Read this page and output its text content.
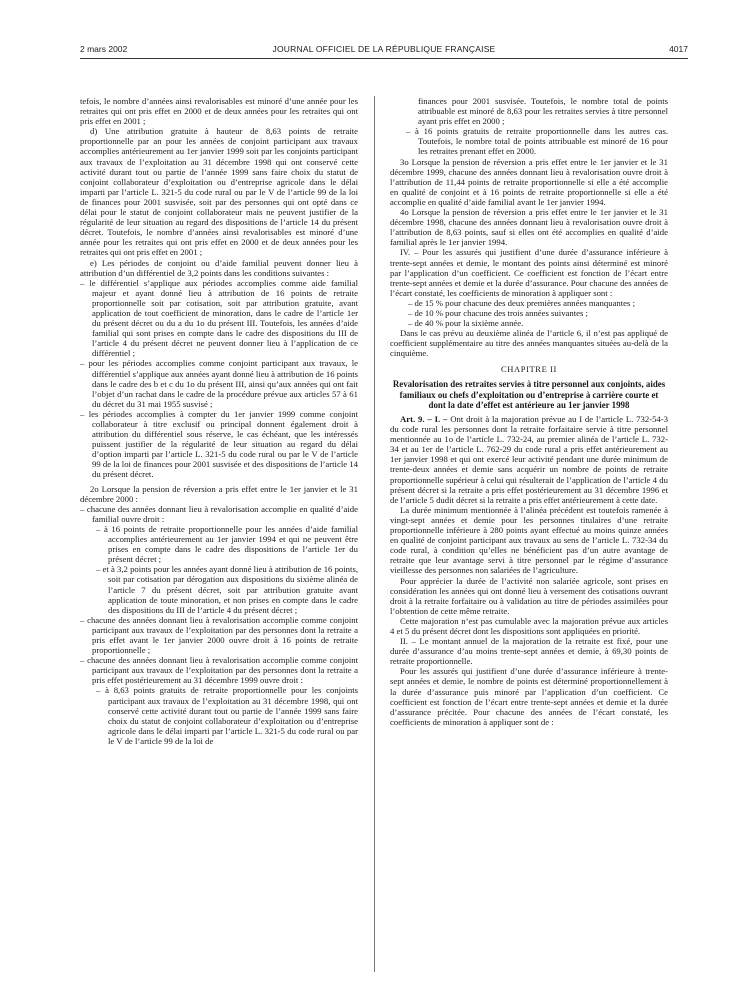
2 mars 2002	JOURNAL OFFICIEL DE LA RÉPUBLIQUE FRANÇAISE	4017

tefois, le nombre d’années ainsi revalorisables est minoré d’une année pour les retraites qui ont pris effet en 2000 et de deux années pour les retraites qui ont pris effet en 2001 ;

d) Une attribution gratuite à hauteur de 8,63 points de retraite proportionnelle par an pour les années de conjoint participant aux travaux accomplies antérieurement au 1er janvier 1999 soit par les conjoints participant aux travaux de l’exploitation au 31 décembre 1998 qui ont conservé cette activité durant tout ou partie de l’année 1999 sans faire choix du statut de conjoint collaborateur d’exploitation ou d’entreprise agricole dans le délai imparti par l’article L. 321-5 du code rural ou par le V de l’article 99 de la loi de finances pour 2001 susvisée, soit par des personnes qui ont opté dans ce délai pour le statut de conjoint collaborateur mais ne peuvent justifier de la régularité de leur situation au regard des dispositions de l’article 14 du présent décret. Toutefois, le nombre d’années ainsi revalorisables est minoré d’une année pour les retraites qui ont pris effet en 2000 et de deux années pour les retraites qui ont pris effet en 2001 ;

e) Les périodes de conjoint ou d’aide familial peuvent donner lieu à attribution d’un différentiel de 3,2 points dans les conditions suivantes :

– le différentiel s’applique aux périodes accomplies comme aide familial majeur et ayant donné lieu à attribution de 16 points de retraite proportionnelle soit par cotisation, soit par attribution gratuite, avant application de tout coefficient de minoration, dans le cadre de l’article 1er du présent décret ou du a du 1o du présent III. Toutefois, les années d’aide familial qui sont prises en compte dans le cadre des dispositions du III de l’article 4 du présent décret ne peuvent donner lieu à l’application de ce différentiel ;

– pour les périodes accomplies comme conjoint participant aux travaux, le différentiel s’applique aux années ayant donné lieu à attribution de 16 points dans le cadre des b et c du 1o du présent III, ainsi qu’aux années qui ont fait l’objet d’un rachat dans le cadre de la procédure prévue aux articles 57 à 61 du décret du 31 mai 1955 susvisé ;

– les périodes accomplies à compter du 1er janvier 1999 comme conjoint collaborateur à titre exclusif ou principal donnent également droit à attribution du différentiel sous réserve, le cas échéant, que les intéressés puissent justifier de la régularité de leur situation au regard du délai d’option imparti par l’article L. 321-5 du code rural ou par le V de l’article 99 de la loi de finances pour 2001 susvisée et des dispositions de l’article 14 du présent décret.

2o Lorsque la pension de réversion a pris effet entre le 1er janvier et le 31 décembre 2000 :

– chacune des années donnant lieu à revalorisation accomplie en qualité d’aide familial ouvre droit :

– à 16 points de retraite proportionnelle pour les années d’aide familial accomplies antérieurement au 1er janvier 1994 et qui ne peuvent être prises en compte dans le cadre des dispositions de l’article 1er du présent décret ;

– et à 3,2 points pour les années ayant donné lieu à attribution de 16 points, soit par cotisation par dérogation aux dispositions du sixième alinéa de l’article 7 du présent décret, soit par attribution gratuite avant application de toute minoration, et non prises en compte dans le cadre des dispositions du III de l’article 4 du présent décret ;

– chacune des années donnant lieu à revalorisation accomplie comme conjoint participant aux travaux de l’exploitation par des personnes dont la retraite a pris effet avant le 1er janvier 2000 ouvre droit à 16 points de retraite proportionnelle ;

– chacune des années donnant lieu à revalorisation accomplie comme conjoint participant aux travaux de l’exploitation par des personnes dont la retraite a pris effet postérieurement au 31 décembre 1999 ouvre droit :

– à 8,63 points gratuits de retraite proportionnelle pour les conjoints participant aux travaux de l’exploitation au 31 décembre 1998, qui ont conservé cette activité durant tout ou partie de l’année 1999 sans faire choix du statut de conjoint collaborateur d’exploitation ou d’entreprise agricole dans le délai imparti par l’article L. 321-5 du code rural ou par le V de l’article 99 de la loi de

finances pour 2001 susvisée. Toutefois, le nombre total de points attribuable est minoré de 8,63 pour les retraites servies à titre personnel ayant pris effet en 2000 ;

– à 16 points gratuits de retraite proportionnelle dans les autres cas. Toutefois, le nombre total de points attribuable est minoré de 16 pour les retraites prenant effet en 2000.

3o Lorsque la pension de réversion a pris effet entre le 1er janvier et le 31 décembre 1999, chacune des années donnant lieu à revalorisation ouvre droit à l’attribution de 11,44 points de retraite proportionnelle si elle a été accomplie en qualité de conjoint et à 16 points de retraite proportionnelle si elle a été accomplie en qualité d’aide familial avant le 1er janvier 1994.

4o Lorsque la pension de réversion a pris effet entre le 1er janvier et le 31 décembre 1998, chacune des années donnant lieu à revalorisation ouvre droit à l’attribution de 8,63 points, sauf si elles ont été accomplies en qualité d’aide familial après le 1er janvier 1994.

IV. – Pour les assurés qui justifient d’une durée d’assurance inférieure à trente-sept années et demie, le montant des points ainsi déterminé est minoré par l’application d’un coefficient. Ce coefficient est fonction de l’écart entre trente-sept années et demie et la durée d’assurance. Pour chacune des années de l’écart constaté, les coefficients de minoration à appliquer sont :

– de 15 % pour chacune des deux premières années manquantes ;

– de 10 % pour chacune des trois années suivantes ;

– de 40 % pour la sixième année.

Dans le cas prévu au deuxième alinéa de l’article 6, il n’est pas appliqué de coefficient supplémentaire au titre des années manquantes situées au-delà de la cinquième.

CHAPITRE II
Revalorisation des retraites servies à titre personnel aux conjoints, aides familiaux ou chefs d’exploitation ou d’entreprise à carrière courte et dont la date d’effet est antérieure au 1er janvier 1998

Art. 9. – I. – Ont droit à la majoration prévue au I de l’article L. 732-54-3 du code rural les personnes dont la retraite forfaitaire servie à titre personnel mentionnée au 1o de l’article L. 732-24, au premier alinéa de l’article L. 732-34 et au 1er de l’article L. 762-29 du code rural a pris effet antérieurement au 1er janvier 1998 et qui ont exercé leur activité pendant une durée minimum de trente-deux années et demie sans acquérir un nombre de points de retraite proportionnelle supérieur à celui qui résulterait de l’application de l’article 4 du présent décret si la retraite a pris effet postérieurement au 31 décembre 1996 et de l’article 5 dudit décret si la retraite a pris effet antérieurement à cette date.

La durée minimum mentionnée à l’alinéa précédent est toutefois ramenée à vingt-sept années et demie pour les personnes titulaires d’une retraite proportionnelle inférieure à 280 points ayant effectué au moins quinze années en qualité de conjoint participant aux travaux au sens de l’article L. 732-34 du code rural, à condition qu’elles ne bénéficient pas d’un autre avantage de retraite que leur avantage servi à titre personnel par le régime d’assurance vieillesse des personnes non salariées de l’agriculture.

Pour apprécier la durée de l’activité non salariée agricole, sont prises en considération les années qui ont donné lieu à versement des cotisations ouvrant droit à la retraite forfaitaire ou à validation au titre de périodes assimilées pour l’obtention de cette même retraite.

Cette majoration n’est pas cumulable avec la majoration prévue aux articles 4 et 5 du présent décret dont les dispositions sont appliquées en priorité.

II. – Le montant annuel de la majoration de la retraite est fixé, pour une durée d’assurance d’au moins trente-sept années et demie, à 69,30 points de retraite proportionnelle.

Pour les assurés qui justifient d’une durée d’assurance inférieure à trente-sept années et demie, le nombre de points est déterminé proportionnellement à la durée d’assurance puis minoré par l’application d’un coefficient. Ce coefficient est fonction de l’écart entre trente-sept années et demie et la durée d’assurance précitée. Pour chacune des années de l’écart constaté, les coefficients de minoration à appliquer sont de :
